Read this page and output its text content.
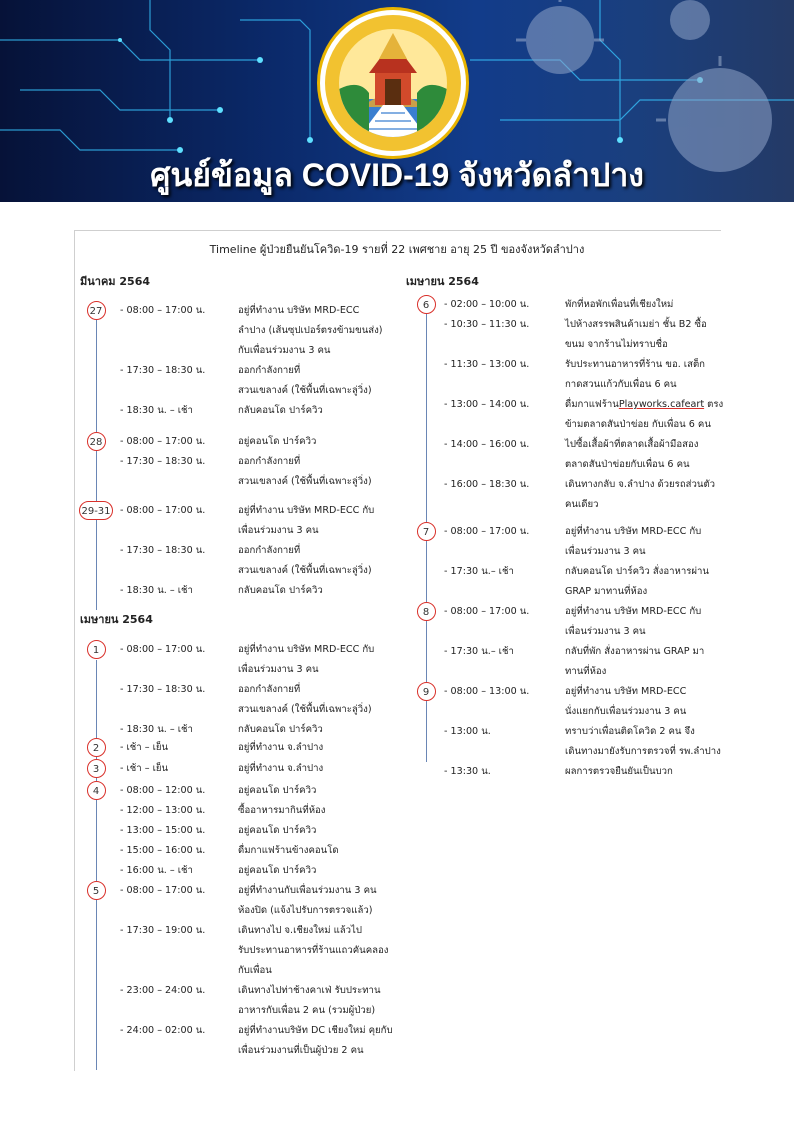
ศูนย์ข้อมูล COVID-19 จังหวัดลำปาง
Timeline ผู้ป่วยยืนยันโควิด-19 รายที่ 22 เพศชาย อายุ 25 ปี ของจังหวัดลำปาง
มีนาคม 2564
เมษายน 2564
เมษายน 2564
27	- 08:00 – 17:00 น.	อยู่ที่ทำงาน บริษัท MRD-ECC
ลำปาง (เส้นซุปเปอร์ตรงข้ามขนส่ง)
กับเพื่อนร่วมงาน 3 คน
- 17:30 – 18:30 น.	ออกกำลังกายที่
สวนเขลางค์ (ใช้พื้นที่เฉพาะลู่วิ่ง)
- 18:30 น. – เช้า	กลับคอนโด ปาร์ควิว
28	- 08:00 – 17:00 น.	อยู่คอนโด ปาร์ควิว
- 17:30 – 18:30 น.	ออกกำลังกายที่
สวนเขลางค์ (ใช้พื้นที่เฉพาะลู่วิ่ง)
29-31 - 08:00 – 17:00 น.	อยู่ที่ทำงาน บริษัท MRD-ECC กับ
เพื่อนร่วมงาน 3 คน
- 17:30 – 18:30 น.	ออกกำลังกายที่
สวนเขลางค์ (ใช้พื้นที่เฉพาะลู่วิ่ง)
- 18:30 น. – เช้า	กลับคอนโด ปาร์ควิว
1	- 08:00 – 17:00 น.	อยู่ที่ทำงาน บริษัท MRD-ECC กับ
เพื่อนร่วมงาน 3 คน
- 17:30 – 18:30 น.	ออกกำลังกายที่
สวนเขลางค์ (ใช้พื้นที่เฉพาะลู่วิ่ง)
- 18:30 น. – เช้า	กลับคอนโด ปาร์ควิว
2	- เช้า – เย็น	อยู่ที่ทำงาน จ.ลำปาง
3	- เช้า – เย็น	อยู่ที่ทำงาน จ.ลำปาง
4	- 08:00 – 12:00 น.	อยู่คอนโด ปาร์ควิว
- 12:00 – 13:00 น.	ซื้ออาหารมากินที่ห้อง
- 13:00 – 15:00 น.	อยู่คอนโด ปาร์ควิว
- 15:00 – 16:00 น.	ดื่มกาแฟร้านข้างคอนโด
- 16:00 น. – เช้า	อยู่คอนโด ปาร์ควิว
5	- 08:00 – 17:00 น.	อยู่ที่ทำงานกับเพื่อนร่วมงาน 3 คน
ห้องปิด (แจ้งไปรับการตรวจแล้ว)
- 17:30 – 19:00 น.	เดินทางไป จ.เชียงใหม่ แล้วไป
รับประทานอาหารที่ร้านแถวคันคลอง
กับเพื่อน
- 23:00 – 24:00 น.	เดินทางไปท่าช้างคาเฟ่ รับประทาน
อาหารกับเพื่อน 2 คน (รวมผู้ป่วย)
- 24:00 – 02:00 น.	อยู่ที่ทำงานบริษัท DC เชียงใหม่ คุยกับ
เพื่อนร่วมงานที่เป็นผู้ป่วย 2 คน
6	- 02:00 – 10:00 น.	พักที่หอพักเพื่อนที่เชียงใหม่
- 10:30 – 11:30 น.	ไปห้างสรรพสินค้าเมย่า ชั้น B2 ซื้อ
ขนม จากร้านไม่ทราบชื่อ
- 11:30 – 13:00 น.	รับประทานอาหารที่ร้าน ขอ. เสต็ก
กาดสวนแก้วกับเพื่อน 6 คน
- 13:00 – 14:00 น.	ดื่มกาแฟร้านPlayworks.cafeart ตรง
ข้ามตลาดสันป่าข่อย กับเพื่อน 6 คน
- 14:00 – 16:00 น.	ไปซื้อเสื้อผ้าที่ตลาดเสื้อผ้ามือสอง
ตลาดสันป่าข่อยกับเพื่อน 6 คน
- 16:00 – 18:30 น.	เดินทางกลับ จ.ลำปาง ด้วยรถส่วนตัว
คนเดียว
7	- 08:00 – 17:00 น.	อยู่ที่ทำงาน บริษัท MRD-ECC กับ
เพื่อนร่วมงาน 3 คน
- 17:30 น.– เช้า	กลับคอนโด ปาร์ควิว สั่งอาหารผ่าน
GRAP มาทานที่ห้อง
8	- 08:00 – 17:00 น.	อยู่ที่ทำงาน บริษัท MRD-ECC กับ
เพื่อนร่วมงาน 3 คน
- 17:30 น.– เช้า	กลับที่พัก สั่งอาหารผ่าน GRAP มา
ทานที่ห้อง
9	- 08:00 – 13:00 น.	อยู่ที่ทำงาน บริษัท MRD-ECC
นั่งแยกกับเพื่อนร่วมงาน 3 คน
- 13:00 น.	ทราบว่าเพื่อนติดโควิด 2 คน จึง
เดินทางมายังรับการตรวจที่ รพ.ลำปาง
- 13:30 น.	ผลการตรวจยืนยันเป็นบวก
